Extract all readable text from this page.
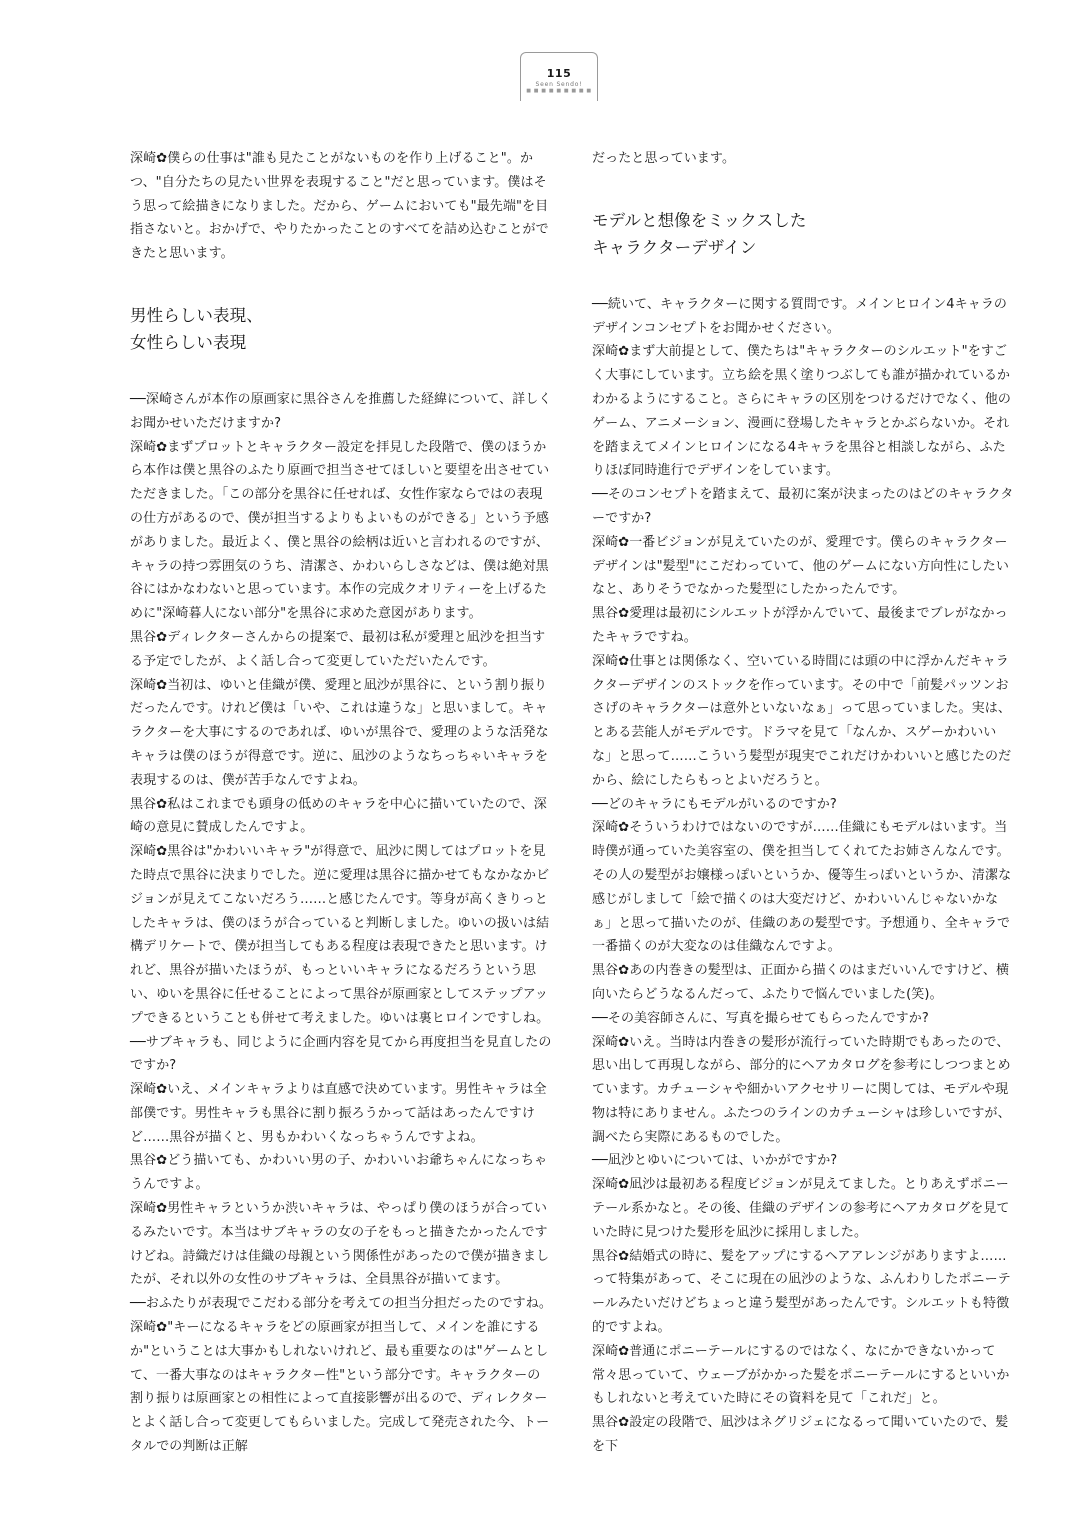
115
Seen Sendo!
■ ■ ■ ■ ■ ■ ■ ■ ■

深崎✿僕らの仕事は"誰も見たことがないものを作り上げること"。かつ、"自分たちの見たい世界を表現すること"だと思っています。僕はそう思って絵描きになりました。だから、ゲームにおいても"最先端"を目指さないと。おかげで、やりたかったことのすべてを詰め込むことができたと思います。

男性らしい表現、
女性らしい表現

──深崎さんが本作の原画家に黒谷さんを推薦した経緯について、詳しくお聞かせいただけますか?

深崎✿まずプロットとキャラクター設定を拝見した段階で、僕のほうから本作は僕と黒谷のふたり原画で担当させてほしいと要望を出させていただきました。「この部分を黒谷に任せれば、女性作家ならではの表現の仕方があるので、僕が担当するよりもよいものができる」という予感がありました。最近よく、僕と黒谷の絵柄は近いと言われるのですが、キャラの持つ雰囲気のうち、清潔さ、かわいらしさなどは、僕は絶対黒谷にはかなわないと思っています。本作の完成クオリティーを上げるために"深崎暮人にない部分"を黒谷に求めた意図があります。

黒谷✿ディレクターさんからの提案で、最初は私が愛理と凪沙を担当する予定でしたが、よく話し合って変更していただいたんです。

深崎✿当初は、ゆいと佳織が僕、愛理と凪沙が黒谷に、という割り振りだったんです。けれど僕は「いや、これは違うな」と思いまして。キャラクターを大事にするのであれば、ゆいが黒谷で、愛理のような活発なキャラは僕のほうが得意です。逆に、凪沙のようなちっちゃいキャラを表現するのは、僕が苦手なんですよね。

黒谷✿私はこれまでも頭身の低めのキャラを中心に描いていたので、深崎の意見に賛成したんですよ。

深崎✿黒谷は"かわいいキャラ"が得意で、凪沙に関してはプロットを見た時点で黒谷に決まりでした。逆に愛理は黒谷に描かせてもなかなかビジョンが見えてこないだろう……と感じたんです。等身が高くきりっとしたキャラは、僕のほうが合っていると判断しました。ゆいの扱いは結構デリケートで、僕が担当してもある程度は表現できたと思います。けれど、黒谷が描いたほうが、もっといいキャラになるだろうという思い、ゆいを黒谷に任せることによって黒谷が原画家としてステップアップできるということも併せて考えました。ゆいは裏ヒロインですしね。

──サブキャラも、同じように企画内容を見てから再度担当を見直したのですか?

深崎✿いえ、メインキャラよりは直感で決めています。男性キャラは全部僕です。男性キャラも黒谷に割り振ろうかって話はあったんですけど……黒谷が描くと、男もかわいくなっちゃうんですよね。

黒谷✿どう描いても、かわいい男の子、かわいいお爺ちゃんになっちゃうんですよ。

深崎✿男性キャラというか渋いキャラは、やっぱり僕のほうが合っているみたいです。本当はサブキャラの女の子をもっと描きたかったんですけどね。詩織だけは佳織の母親という関係性があったので僕が描きましたが、それ以外の女性のサブキャラは、全員黒谷が描いてます。

──おふたりが表現でこだわる部分を考えての担当分担だったのですね。

深崎✿"キーになるキャラをどの原画家が担当して、メインを誰にするか"ということは大事かもしれないけれど、最も重要なのは"ゲームとして、一番大事なのはキャラクター性"という部分です。キャラクターの割り振りは原画家との相性によって直接影響が出るので、ディレクターとよく話し合って変更してもらいました。完成して発売された今、トータルでの判断は正解

だったと思っています。

モデルと想像をミックスした
キャラクターデザイン

──続いて、キャラクターに関する質問です。メインヒロイン4キャラのデザインコンセプトをお聞かせください。

深崎✿まず大前提として、僕たちは"キャラクターのシルエット"をすごく大事にしています。立ち絵を黒く塗りつぶしても誰が描かれているかわかるようにすること。さらにキャラの区別をつけるだけでなく、他のゲーム、アニメーション、漫画に登場したキャラとかぶらないか。それを踏まえてメインヒロインになる4キャラを黒谷と相談しながら、ふたりほぼ同時進行でデザインをしています。

──そのコンセプトを踏まえて、最初に案が決まったのはどのキャラクターですか?

深崎✿一番ビジョンが見えていたのが、愛理です。僕らのキャラクターデザインは"髪型"にこだわっていて、他のゲームにない方向性にしたいなと、ありそうでなかった髪型にしたかったんです。

黒谷✿愛理は最初にシルエットが浮かんでいて、最後までブレがなかったキャラですね。

深崎✿仕事とは関係なく、空いている時間には頭の中に浮かんだキャラクターデザインのストックを作っています。その中で「前髪パッツンおさげのキャラクターは意外といないなぁ」って思っていました。実は、とある芸能人がモデルです。ドラマを見て「なんか、スゲーかわいいな」と思って……こういう髪型が現実でこれだけかわいいと感じたのだから、絵にしたらもっとよいだろうと。

──どのキャラにもモデルがいるのですか?

深崎✿そういうわけではないのですが……佳織にもモデルはいます。当時僕が通っていた美容室の、僕を担当してくれてたお姉さんなんです。その人の髪型がお嬢様っぽいというか、優等生っぽいというか、清潔な感じがしまして「絵で描くのは大変だけど、かわいいんじゃないかなぁ」と思って描いたのが、佳織のあの髪型です。予想通り、全キャラで一番描くのが大変なのは佳織なんですよ。

黒谷✿あの内巻きの髪型は、正面から描くのはまだいいんですけど、横向いたらどうなるんだって、ふたりで悩んでいました(笑)。

──その美容師さんに、写真を撮らせてもらったんですか?

深崎✿いえ。当時は内巻きの髪形が流行っていた時期でもあったので、思い出して再現しながら、部分的にヘアカタログを参考にしつつまとめています。カチューシャや細かいアクセサリーに関しては、モデルや現物は特にありません。ふたつのラインのカチューシャは珍しいですが、調べたら実際にあるものでした。

──凪沙とゆいについては、いかがですか?

深崎✿凪沙は最初ある程度ビジョンが見えてました。とりあえずポニーテール系かなと。その後、佳織のデザインの参考にヘアカタログを見ていた時に見つけた髪形を凪沙に採用しました。

黒谷✿結婚式の時に、髪をアップにするヘアアレンジがありますよ……って特集があって、そこに現在の凪沙のような、ふんわりしたポニーテールみたいだけどちょっと違う髪型があったんです。シルエットも特徴的ですよね。

深崎✿普通にポニーテールにするのではなく、なにかできないかって常々思っていて、ウェーブがかかった髪をポニーテールにするといいかもしれないと考えていた時にその資料を見て「これだ」と。

黒谷✿設定の段階で、凪沙はネグリジェになるって聞いていたので、髪を下
